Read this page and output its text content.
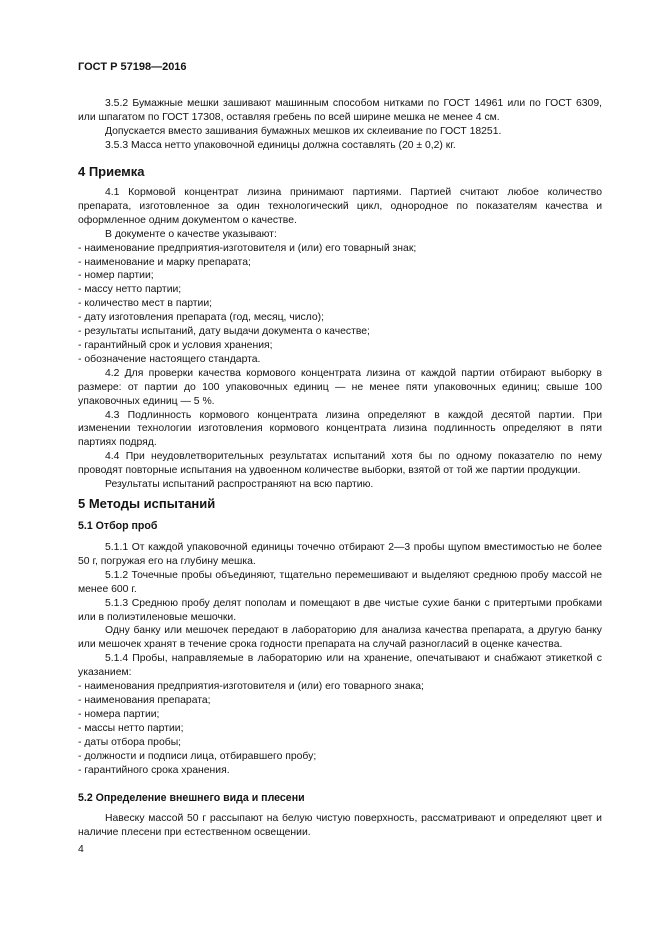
ГОСТ Р 57198—2016

3.5.2 Бумажные мешки зашивают машинным способом нитками по ГОСТ 14961 или по ГОСТ 6309, или шпагатом по ГОСТ 17308, оставляя гребень по всей ширине мешка не менее 4 см.

Допускается вместо зашивания бумажных мешков их склеивание по ГОСТ 18251.

3.5.3 Масса нетто упаковочной единицы должна составлять (20 ± 0,2) кг.

4 Приемка

4.1 Кормовой концентрат лизина принимают партиями. Партией считают любое количество препарата, изготовленное за один технологический цикл, однородное по показателям качества и оформленное одним документом о качестве.

В документе о качестве указывают:

- наименование предприятия-изготовителя и (или) его товарный знак;

- наименование и марку препарата;

- номер партии;

- массу нетто партии;

- количество мест в партии;

- дату изготовления препарата (год, месяц, число);

- результаты испытаний, дату выдачи документа о качестве;

- гарантийный срок и условия хранения;

- обозначение настоящего стандарта.

4.2 Для проверки качества кормового концентрата лизина от каждой партии отбирают выборку в размере: от партии до 100 упаковочных единиц — не менее пяти упаковочных единиц; свыше 100 упаковочных единиц — 5 %.

4.3 Подлинность кормового концентрата лизина определяют в каждой десятой партии. При изменении технологии изготовления кормового концентрата лизина подлинность определяют в пяти партиях подряд.

4.4 При неудовлетворительных результатах испытаний хотя бы по одному показателю по нему проводят повторные испытания на удвоенном количестве выборки, взятой от той же партии продукции.

Результаты испытаний распространяют на всю партию.

5 Методы испытаний
5.1 Отбор проб

5.1.1 От каждой упаковочной единицы точечно отбирают 2—3 пробы щупом вместимостью не более 50 г, погружая его на глубину мешка.

5.1.2 Точечные пробы объединяют, тщательно перемешивают и выделяют среднюю пробу массой не менее 600 г.

5.1.3 Среднюю пробу делят пополам и помещают в две чистые сухие банки с притертыми пробками или в полиэтиленовые мешочки.

Одну банку или мешочек передают в лабораторию для анализа качества препарата, а другую банку или мешочек хранят в течение срока годности препарата на случай разногласий в оценке качества.

5.1.4 Пробы, направляемые в лабораторию или на хранение, опечатывают и снабжают этикеткой с указанием:

- наименования предприятия-изготовителя и (или) его товарного знака;

- наименования препарата;

- номера партии;

- массы нетто партии;

- даты отбора пробы;

- должности и подписи лица, отбиравшего пробу;

- гарантийного срока хранения.

5.2 Определение внешнего вида и плесени

Навеску массой 50 г рассыпают на белую чистую поверхность, рассматривают и определяют цвет и наличие плесени при естественном освещении.

4
